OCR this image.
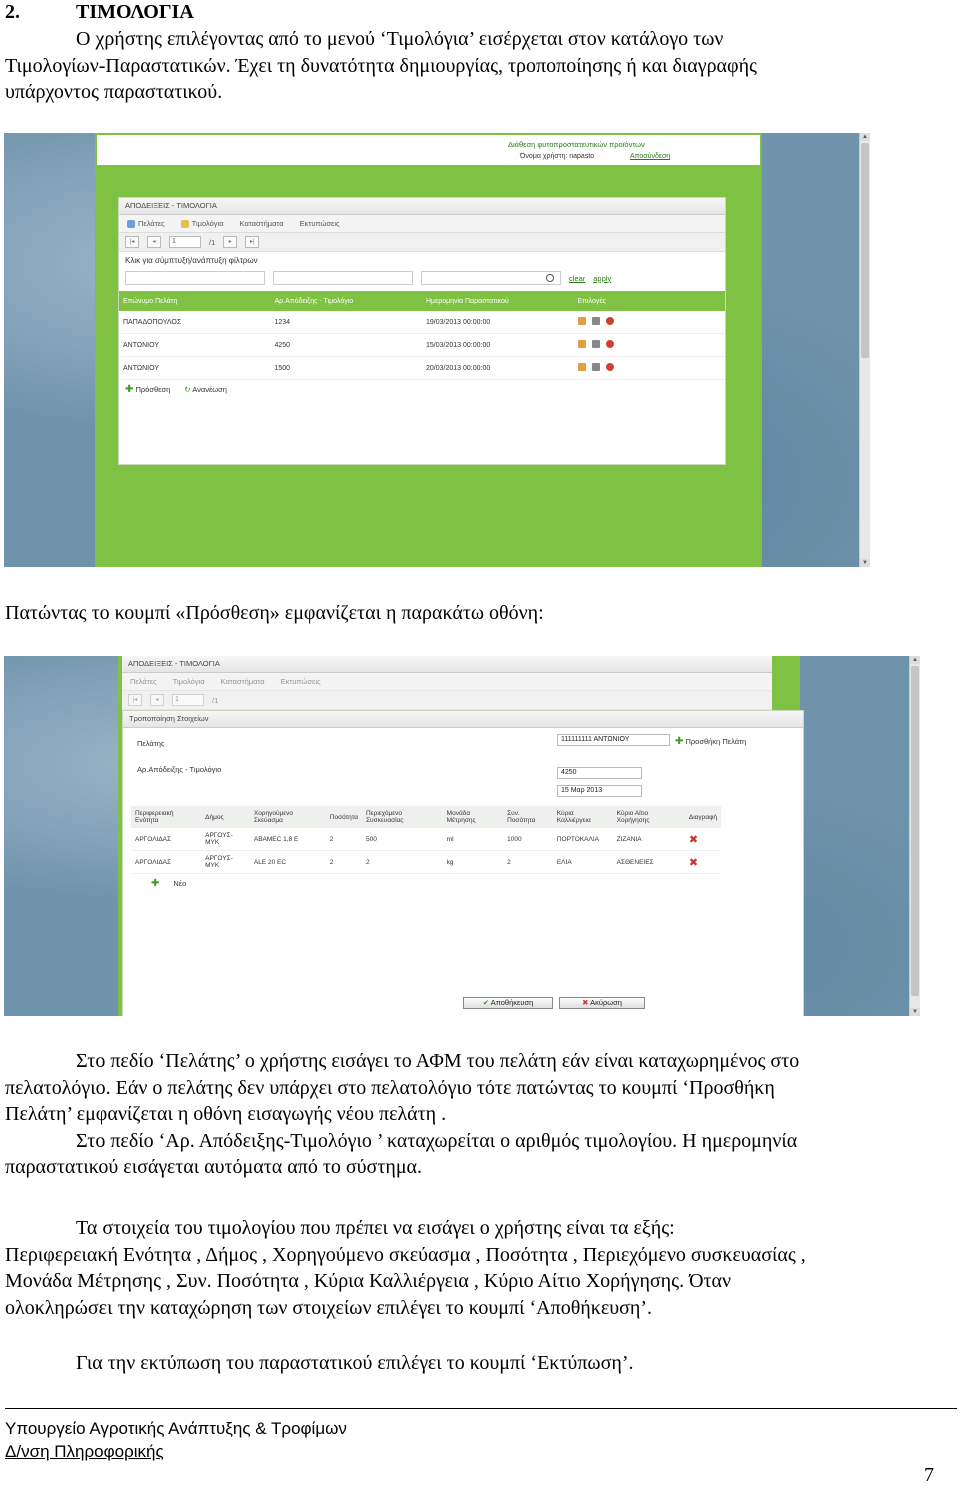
2.	ΤΙΜΟΛΟΓΙΑ
Ο χρήστης επιλέγοντας από το μενού ‘Τιμολόγια’ εισέρχεται στον κατάλογο των
Τιμολογίων-Παραστατικών. Έχει τη δυνατότητα δημιουργίας, τροποποίησης ή και διαγραφής
υπάρχοντος παραστατικού.
Διάθεση φυτοπροστατευτικών προϊόντων
Όνομα χρήστη: napasto	Αποσύνδεση
ΑΠΟΔΕΙΞΕΙΣ - ΤΙΜΟΛΟΓΙΑ
Πελάτες	Τιμολόγια Καταστήματα Εκτυπώσεις
|◂	◂	1	/1	▸	▸|
Κλικ για σύμπτυξη/ανάπτυξη φίλτρων
clear apply
Επώνυμο Πελάτη	Αρ.Απόδειξης - Τιμολόγιο	Ημερομηνία Παραστατικού	Επιλογές
ΠΑΠΑΔΟΠΟΥΛΟΣ	1234	19/03/2013 00:00:00	
ΑΝΤΩΝΙΟΥ	4250	15/03/2013 00:00:00	
ΑΝΤΩΝΙΟΥ	1500	20/03/2013 00:00:00	
✚ Πρόσθεση ↻ Ανανέωση
▲
▼
Πατώντας το κουμπί «Πρόσθεση» εμφανίζεται η παρακάτω οθόνη:
ΑΠΟΔΕΙΞΕΙΣ - ΤΙΜΟΛΟΓΙΑ
Πελάτες Τιμολόγια Καταστήματα Εκτυπώσεις
|◂	◂	1	/1
Τροποποίηση Στοιχείων
Πελάτης	111111111 ΑΝΤΩΝΙΟΥ	✚ Προσθήκη Πελάτη
Αρ.Απόδειξης - Τιμολόγιο	4250
15 Μαρ 2013
Περιφερειακή Ενότητα	Δήμος	Χορηγούμενο Σκεύασμα	Ποσότητα	Περιεχόμενο Συσκευασίας	Μονάδα Μέτρησης	Συν. Ποσότητα	Κύρια Καλλιέργεια	Κύριο Αίτιο Χορήγησης	Διαγραφή
ΑΡΓΟΛΙΔΑΣ	ΑΡΓΟΥΣ-ΜΥΚ	ΑΒΑΜΕC 1,8 E	2	500	ml	1000	ΠΟΡΤΟΚΑΛΙΑ	ZIZANIA	✖
ΑΡΓΟΛΙΔΑΣ	ΑΡΓΟΥΣ-ΜΥΚ	ALE 20 EC	2	2	kg	2	ΕΛΙΑ	ΑΣΘΕΝΕΙΕΣ	✖
✚ Νέο
✔ Αποθήκευση	✖ Ακύρωση
▲
▼
Στο πεδίο ‘Πελάτης’ ο χρήστης εισάγει το ΑΦΜ του πελάτη εάν είναι καταχωρημένος στο
πελατολόγιο. Εάν ο πελάτης δεν υπάρχει στο πελατολόγιο τότε πατώντας το κουμπί ‘Προσθήκη
Πελάτη’ εμφανίζεται η οθόνη εισαγωγής νέου πελάτη .
Στο πεδίο ‘Αρ. Απόδειξης-Τιμολόγιο ’ καταχωρείται ο αριθμός τιμολογίου. Η ημερομηνία
παραστατικού εισάγεται αυτόματα από το σύστημα.
Τα στοιχεία του τιμολογίου που πρέπει να εισάγει ο χρήστης είναι τα εξής:
Περιφερειακή Ενότητα , Δήμος , Χορηγούμενο σκεύασμα , Ποσότητα , Περιεχόμενο συσκευασίας ,
Μονάδα Μέτρησης , Συν. Ποσότητα , Κύρια Καλλιέργεια , Κύριο Αίτιο Χορήγησης. Όταν
ολοκληρώσει την καταχώρηση των στοιχείων επιλέγει το κουμπί ‘Αποθήκευση’.
Για την εκτύπωση του παραστατικού επιλέγει το κουμπί ‘Εκτύπωση’.
Υπουργείο Αγροτικής Ανάπτυξης & Τροφίμων
Δ/νση Πληροφορικής
7
